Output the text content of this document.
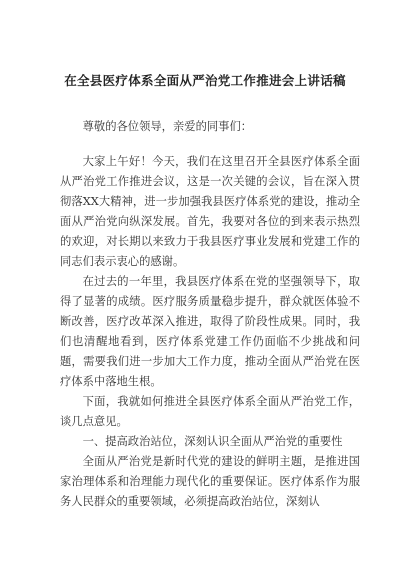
在全县医疗体系全面从严治党工作推进会上讲话稿

尊敬的各位领导，亲爱的同事们：

大家上午好！今天，我们在这里召开全县医疗体系全面从严治党工作推进会议，这是一次关键的会议，旨在深入贯彻落XX大精神，进一步加强我县医疗体系党的建设，推动全面从严治党向纵深发展。首先，我要对各位的到来表示热烈的欢迎，对长期以来致力于我县医疗事业发展和党建工作的同志们表示衷心的感谢。

在过去的一年里，我县医疗体系在党的坚强领导下，取得了显著的成绩。医疗服务质量稳步提升，群众就医体验不断改善，医疗改革深入推进，取得了阶段性成果。同时，我们也清醒地看到，医疗体系党建工作仍面临不少挑战和问题，需要我们进一步加大工作力度，推动全面从严治党在医疗体系中落地生根。

下面，我就如何推进全县医疗体系全面从严治党工作，谈几点意见。

一、提高政治站位，深刻认识全面从严治党的重要性

全面从严治党是新时代党的建设的鲜明主题，是推进国家治理体系和治理能力现代化的重要保证。医疗体系作为服务人民群众的重要领域，必须提高政治站位，深刻认
